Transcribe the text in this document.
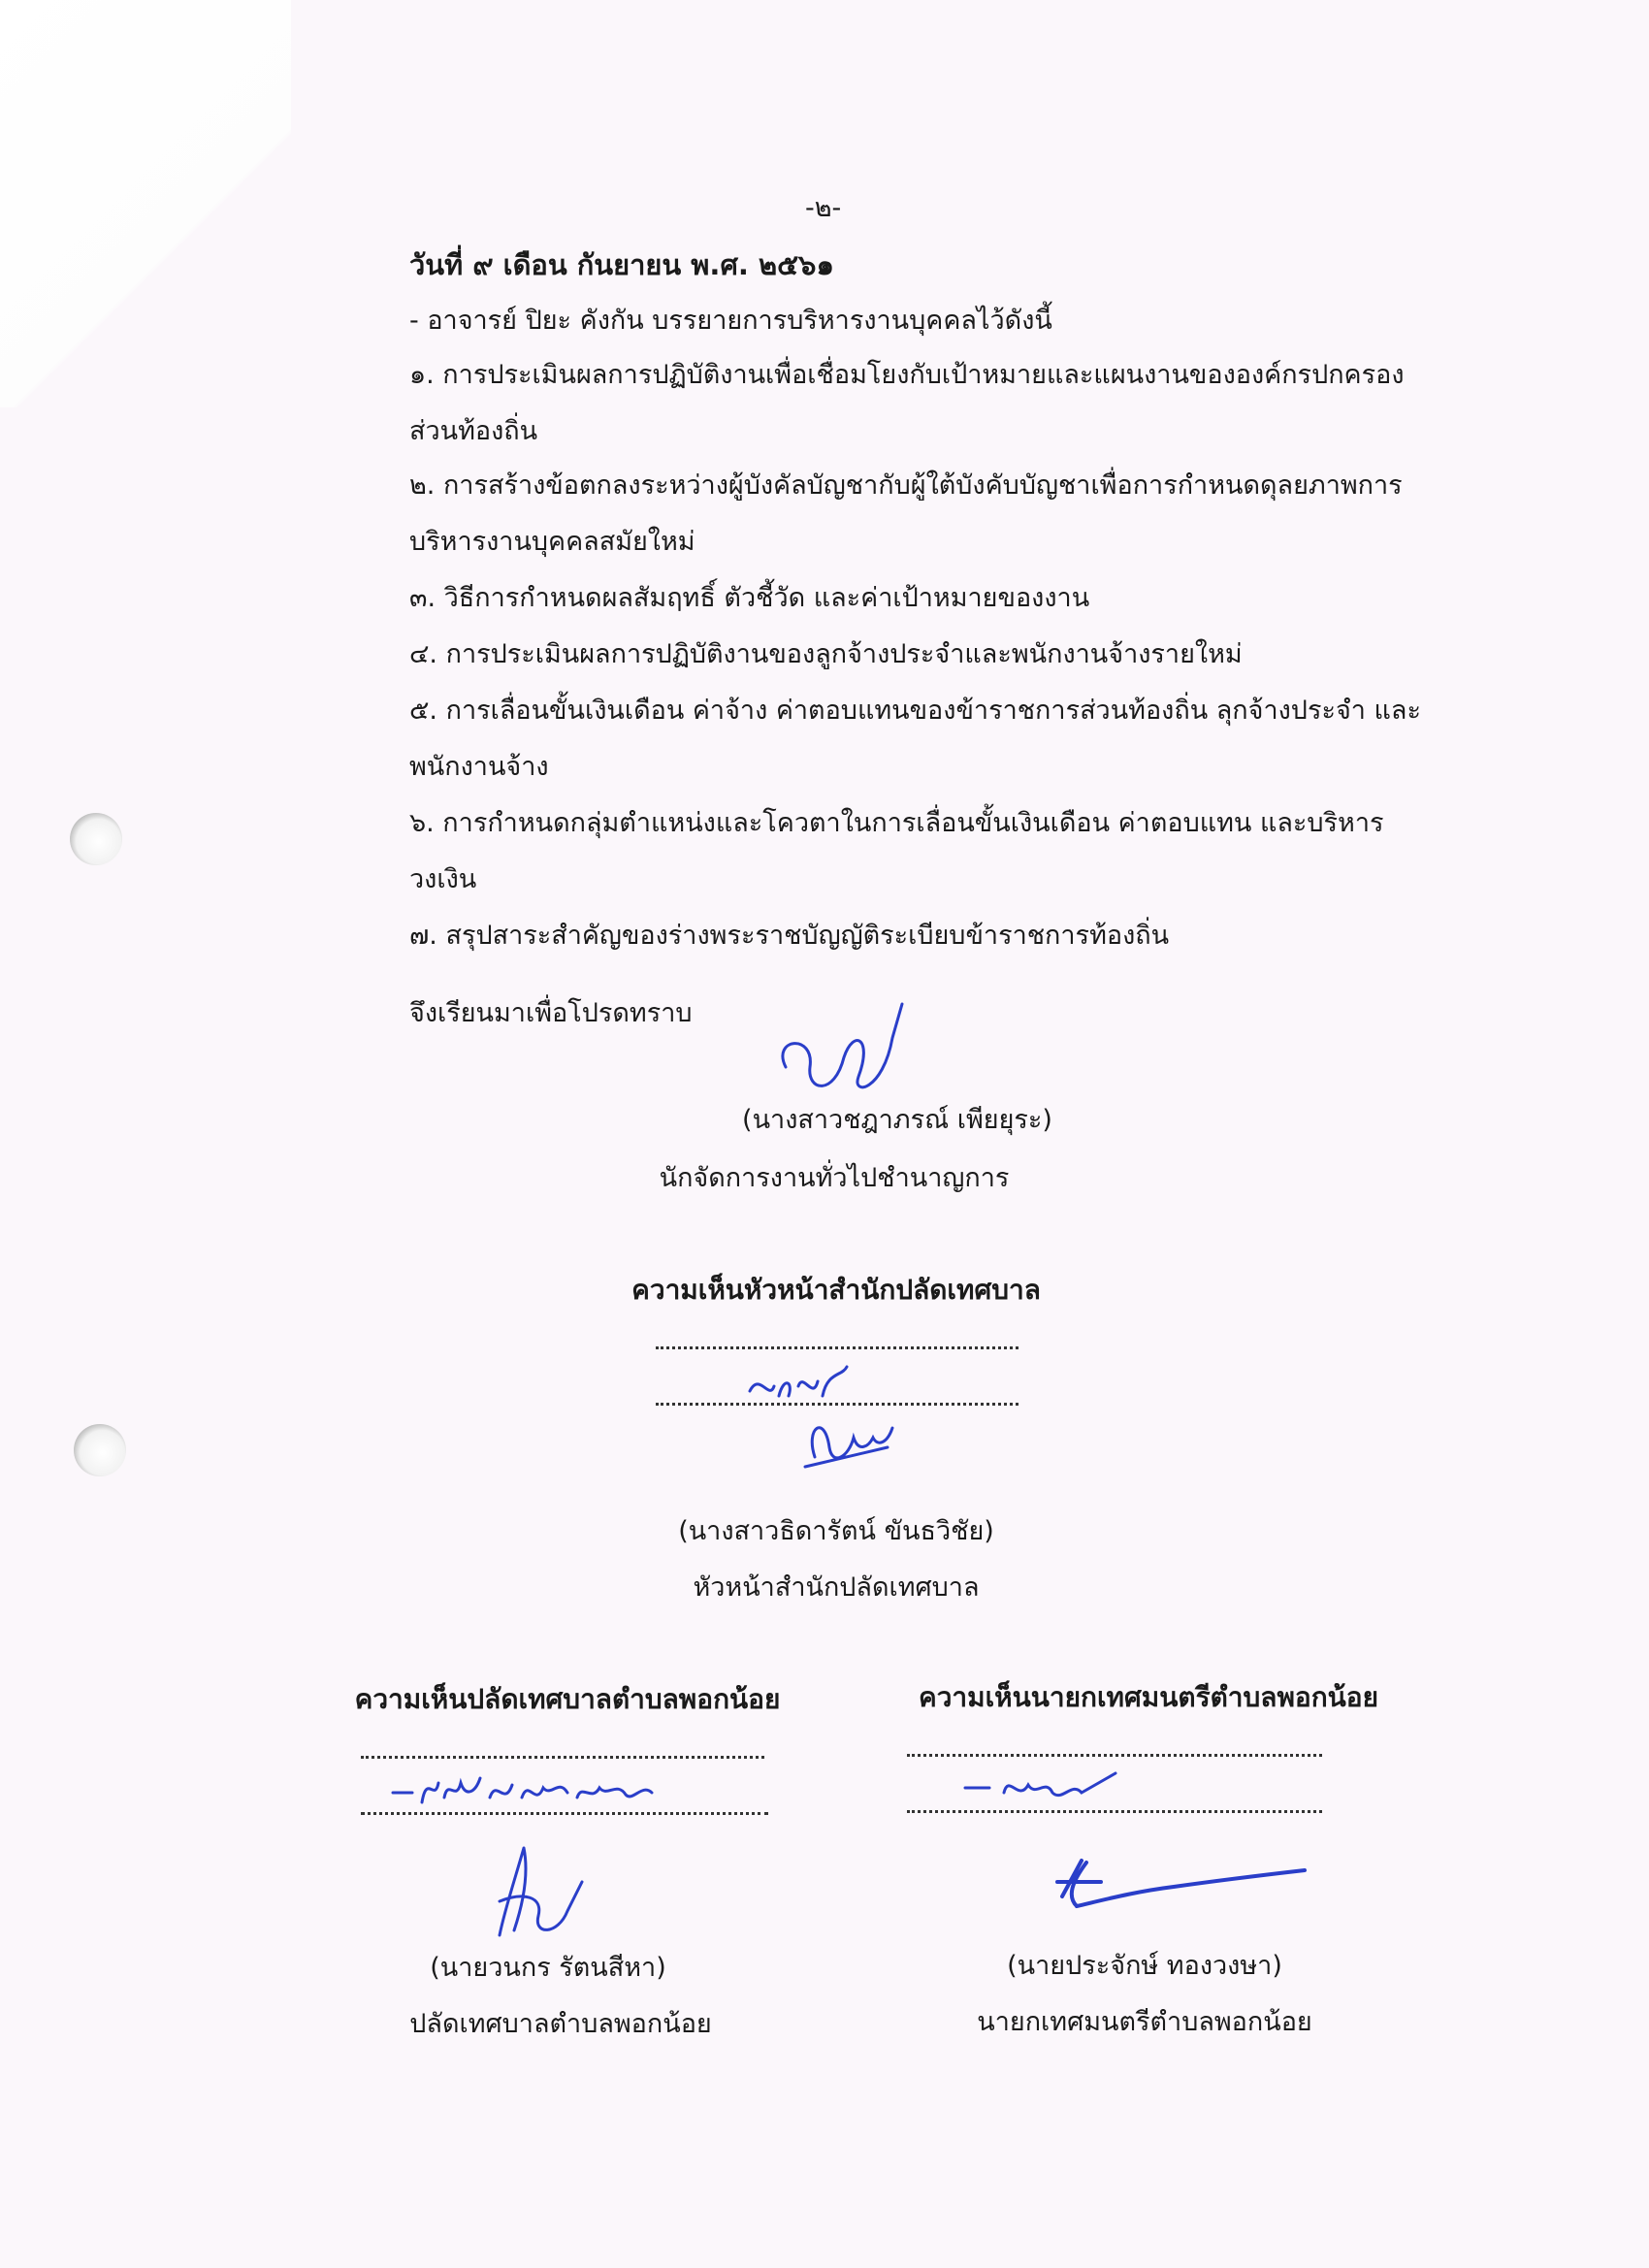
-๒-
วันที่ ๙ เดือน กันยายน พ.ศ. ๒๕๖๑
- อาจารย์ ปิยะ คังกัน บรรยายการบริหารงานบุคคลไว้ดังนี้
๑. การประเมินผลการปฏิบัติงานเพื่อเชื่อมโยงกับเป้าหมายและแผนงานขององค์กรปกครอง
ส่วนท้องถิ่น
๒. การสร้างข้อตกลงระหว่างผู้บังคัลบัญชากับผู้ใต้บังคับบัญชาเพื่อการกำหนดดุลยภาพการ
บริหารงานบุคคลสมัยใหม่
๓. วิธีการกำหนดผลสัมฤทธิ์ ตัวชี้วัด และค่าเป้าหมายของงาน
๔. การประเมินผลการปฏิบัติงานของลูกจ้างประจำและพนักงานจ้างรายใหม่
๕. การเลื่อนขั้นเงินเดือน ค่าจ้าง ค่าตอบแทนของข้าราชการส่วนท้องถิ่น ลุกจ้างประจำ และ
พนักงานจ้าง
๖. การกำหนดกลุ่มตำแหน่งและโควตาในการเลื่อนขั้นเงินเดือน ค่าตอบแทน และบริหาร
วงเงิน
๗. สรุปสาระสำคัญของร่างพระราชบัญญัติระเบียบข้าราชการท้องถิ่น
จึงเรียนมาเพื่อโปรดทราบ
(นางสาวชฎาภรณ์ เพียยุระ)
นักจัดการงานทั่วไปชำนาญการ
ความเห็นหัวหน้าสำนักปลัดเทศบาล
(นางสาวธิดารัตน์ ขันธวิชัย)
หัวหน้าสำนักปลัดเทศบาล
ความเห็นปลัดเทศบาลตำบลพอกน้อย
(นายวนกร รัตนสีหา)
ปลัดเทศบาลตำบลพอกน้อย
ความเห็นนายกเทศมนตรีตำบลพอกน้อย
(นายประจักษ์ ทองวงษา)
นายกเทศมนตรีตำบลพอกน้อย
